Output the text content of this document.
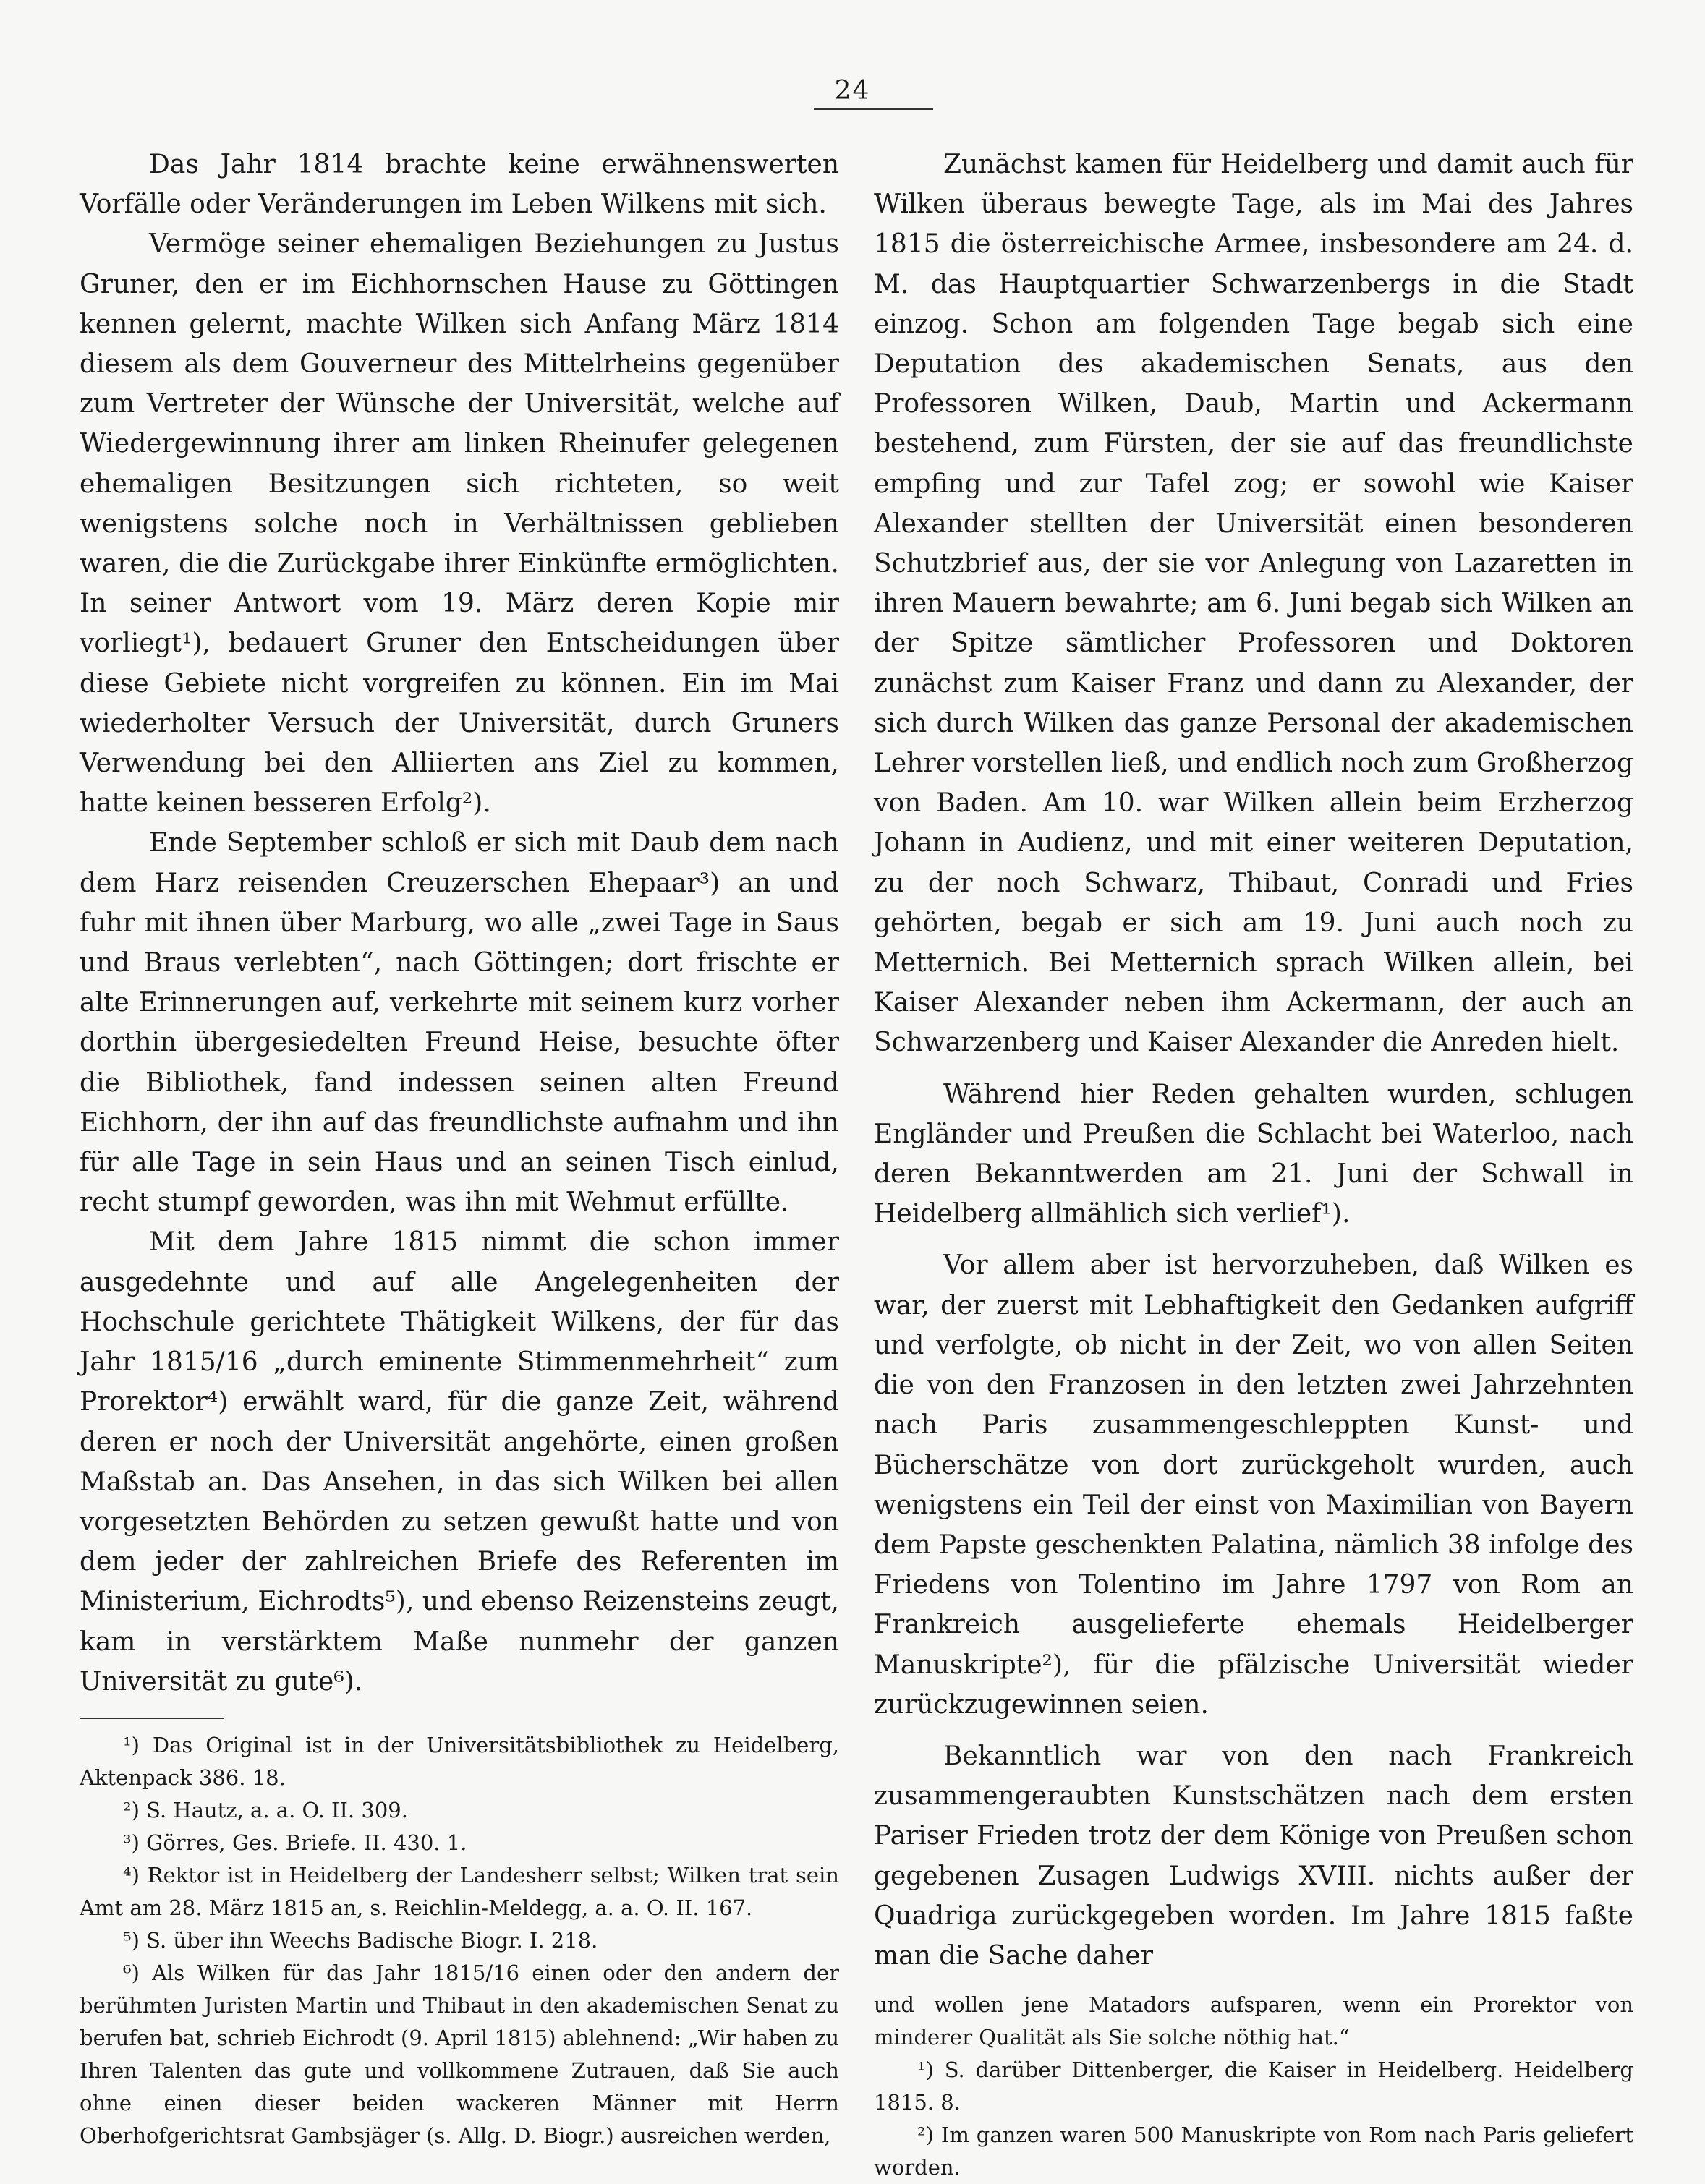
24

Das Jahr 1814 brachte keine erwähnenswerten Vorfälle oder Veränderungen im Leben Wilkens mit sich.

Vermöge seiner ehemaligen Beziehungen zu Justus Gruner, den er im Eichhornschen Hause zu Göttingen kennen gelernt, machte Wilken sich Anfang März 1814 diesem als dem Gouverneur des Mittelrheins gegenüber zum Vertreter der Wünsche der Universität, welche auf Wiedergewinnung ihrer am linken Rheinufer gelegenen ehemaligen Besitzungen sich richteten, so weit wenigstens solche noch in Verhältnissen geblieben waren, die die Zurückgabe ihrer Einkünfte ermöglichten. In seiner Antwort vom 19. März deren Kopie mir vorliegt¹), bedauert Gruner den Entscheidungen über diese Gebiete nicht vorgreifen zu können. Ein im Mai wiederholter Versuch der Universität, durch Gruners Verwendung bei den Alliierten ans Ziel zu kommen, hatte keinen besseren Erfolg²).

Ende September schloß er sich mit Daub dem nach dem Harz reisenden Creuzerschen Ehepaar³) an und fuhr mit ihnen über Marburg, wo alle „zwei Tage in Saus und Braus verlebten“, nach Göttingen; dort frischte er alte Erinnerungen auf, verkehrte mit seinem kurz vorher dorthin übergesiedelten Freund Heise, besuchte öfter die Bibliothek, fand indessen seinen alten Freund Eichhorn, der ihn auf das freundlichste aufnahm und ihn für alle Tage in sein Haus und an seinen Tisch einlud, recht stumpf geworden, was ihn mit Wehmut erfüllte.

Mit dem Jahre 1815 nimmt die schon immer ausgedehnte und auf alle Angelegenheiten der Hochschule gerichtete Thätigkeit Wilkens, der für das Jahr 1815/16 „durch eminente Stimmenmehrheit“ zum Prorektor⁴) erwählt ward, für die ganze Zeit, während deren er noch der Universität angehörte, einen großen Maßstab an. Das Ansehen, in das sich Wilken bei allen vorgesetzten Behörden zu setzen gewußt hatte und von dem jeder der zahlreichen Briefe des Referenten im Ministerium, Eichrodts⁵), und ebenso Reizensteins zeugt, kam in verstärktem Maße nunmehr der ganzen Universität zu gute⁶).

¹) Das Original ist in der Universitätsbibliothek zu Heidelberg, Aktenpack 386. 18.

²) S. Hautz, a. a. O. II. 309.

³) Görres, Ges. Briefe. II. 430. 1.

⁴) Rektor ist in Heidelberg der Landesherr selbst; Wilken trat sein Amt am 28. März 1815 an, s. Reichlin-Meldegg, a. a. O. II. 167.

⁵) S. über ihn Weechs Badische Biogr. I. 218.

⁶) Als Wilken für das Jahr 1815/16 einen oder den andern der berühmten Juristen Martin und Thibaut in den akademischen Senat zu berufen bat, schrieb Eichrodt (9. April 1815) ablehnend: „Wir haben zu Ihren Talenten das gute und vollkommene Zutrauen, daß Sie auch ohne einen dieser beiden wackeren Männer mit Herrn Oberhofgerichtsrat Gambsjäger (s. Allg. D. Biogr.) ausreichen werden,

Zunächst kamen für Heidelberg und damit auch für Wilken überaus bewegte Tage, als im Mai des Jahres 1815 die österreichische Armee, insbesondere am 24. d. M. das Hauptquartier Schwarzenbergs in die Stadt einzog. Schon am folgenden Tage begab sich eine Deputation des akademischen Senats, aus den Professoren Wilken, Daub, Martin und Ackermann bestehend, zum Fürsten, der sie auf das freundlichste empfing und zur Tafel zog; er sowohl wie Kaiser Alexander stellten der Universität einen besonderen Schutzbrief aus, der sie vor Anlegung von Lazaretten in ihren Mauern bewahrte; am 6. Juni begab sich Wilken an der Spitze sämtlicher Professoren und Doktoren zunächst zum Kaiser Franz und dann zu Alexander, der sich durch Wilken das ganze Personal der akademischen Lehrer vorstellen ließ, und endlich noch zum Großherzog von Baden. Am 10. war Wilken allein beim Erzherzog Johann in Audienz, und mit einer weiteren Deputation, zu der noch Schwarz, Thibaut, Conradi und Fries gehörten, begab er sich am 19. Juni auch noch zu Metternich. Bei Metternich sprach Wilken allein, bei Kaiser Alexander neben ihm Ackermann, der auch an Schwarzenberg und Kaiser Alexander die Anreden hielt.

Während hier Reden gehalten wurden, schlugen Engländer und Preußen die Schlacht bei Waterloo, nach deren Bekanntwerden am 21. Juni der Schwall in Heidelberg allmählich sich verlief¹).

Vor allem aber ist hervorzuheben, daß Wilken es war, der zuerst mit Lebhaftigkeit den Gedanken aufgriff und verfolgte, ob nicht in der Zeit, wo von allen Seiten die von den Franzosen in den letzten zwei Jahrzehnten nach Paris zusammengeschleppten Kunst- und Bücherschätze von dort zurückgeholt wurden, auch wenigstens ein Teil der einst von Maximilian von Bayern dem Papste geschenkten Palatina, nämlich 38 infolge des Friedens von Tolentino im Jahre 1797 von Rom an Frankreich ausgelieferte ehemals Heidelberger Manuskripte²), für die pfälzische Universität wieder zurückzugewinnen seien.

Bekanntlich war von den nach Frankreich zusammengeraubten Kunstschätzen nach dem ersten Pariser Frieden trotz der dem Könige von Preußen schon gegebenen Zusagen Ludwigs XVIII. nichts außer der Quadriga zurückgegeben worden. Im Jahre 1815 faßte man die Sache daher

und wollen jene Matadors aufsparen, wenn ein Prorektor von minderer Qualität als Sie solche nöthig hat.“

¹) S. darüber Dittenberger, die Kaiser in Heidelberg. Heidelberg 1815. 8.

²) Im ganzen waren 500 Manuskripte von Rom nach Paris geliefert worden.
